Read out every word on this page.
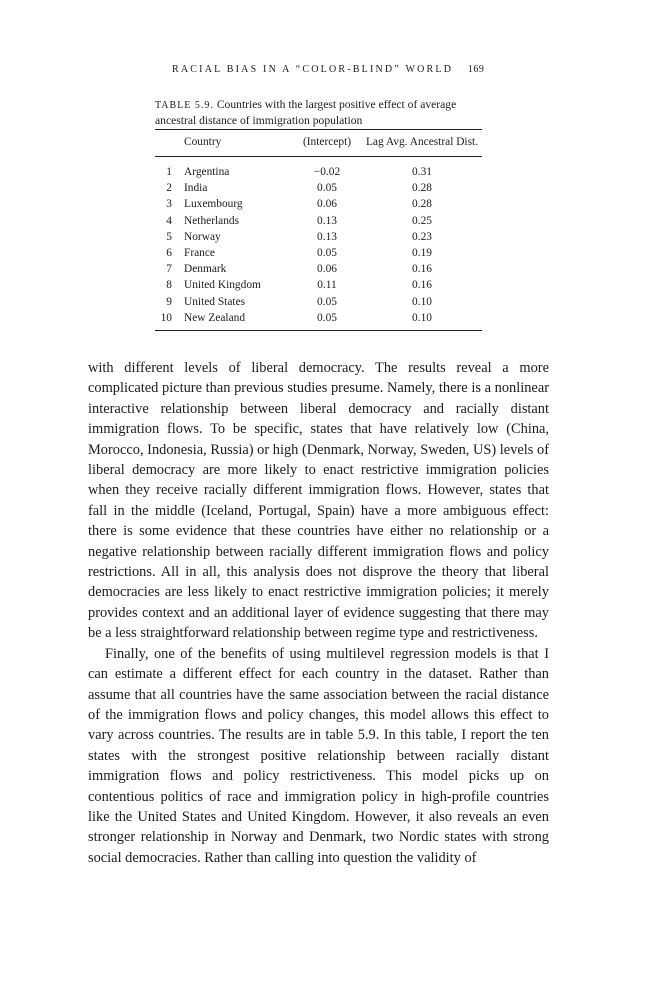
RACIAL BIAS IN A “COLOR-BLIND” WORLD 169
TABLE 5.9. Countries with the largest positive effect of average ancestral distance of immigration population
	Country	(Intercept)	Lag Avg. Ancestral Dist.
1	Argentina	−0.02	0.31
2	India	0.05	0.28
3	Luxembourg	0.06	0.28
4	Netherlands	0.13	0.25
5	Norway	0.13	0.23
6	France	0.05	0.19
7	Denmark	0.06	0.16
8	United Kingdom	0.11	0.16
9	United States	0.05	0.10
10	New Zealand	0.05	0.10

with different levels of liberal democracy. The results reveal a more complicated picture than previous studies presume. Namely, there is a nonlinear interactive relationship between liberal democracy and racially distant immigration flows. To be specific, states that have relatively low (China, Morocco, Indonesia, Russia) or high (Denmark, Norway, Sweden, US) levels of liberal democracy are more likely to enact restrictive immigration policies when they receive racially different immigration flows. However, states that fall in the middle (Iceland, Portugal, Spain) have a more ambiguous effect: there is some evidence that these countries have either no relationship or a negative relationship between racially different immigration flows and policy restrictions. All in all, this analysis does not disprove the theory that liberal democracies are less likely to enact restrictive immigration policies; it merely provides context and an additional layer of evidence suggesting that there may be a less straightforward relationship between regime type and restrictiveness.

Finally, one of the benefits of using multilevel regression models is that I can estimate a different effect for each country in the dataset. Rather than assume that all countries have the same association between the racial distance of the immigration flows and policy changes, this model allows this effect to vary across countries. The results are in table 5.9. In this table, I report the ten states with the strongest positive relationship between racially distant immigration flows and policy restrictiveness. This model picks up on contentious politics of race and immigration policy in high-profile countries like the United States and United Kingdom. However, it also reveals an even stronger relationship in Norway and Denmark, two Nordic states with strong social democracies. Rather than calling into question the validity of
